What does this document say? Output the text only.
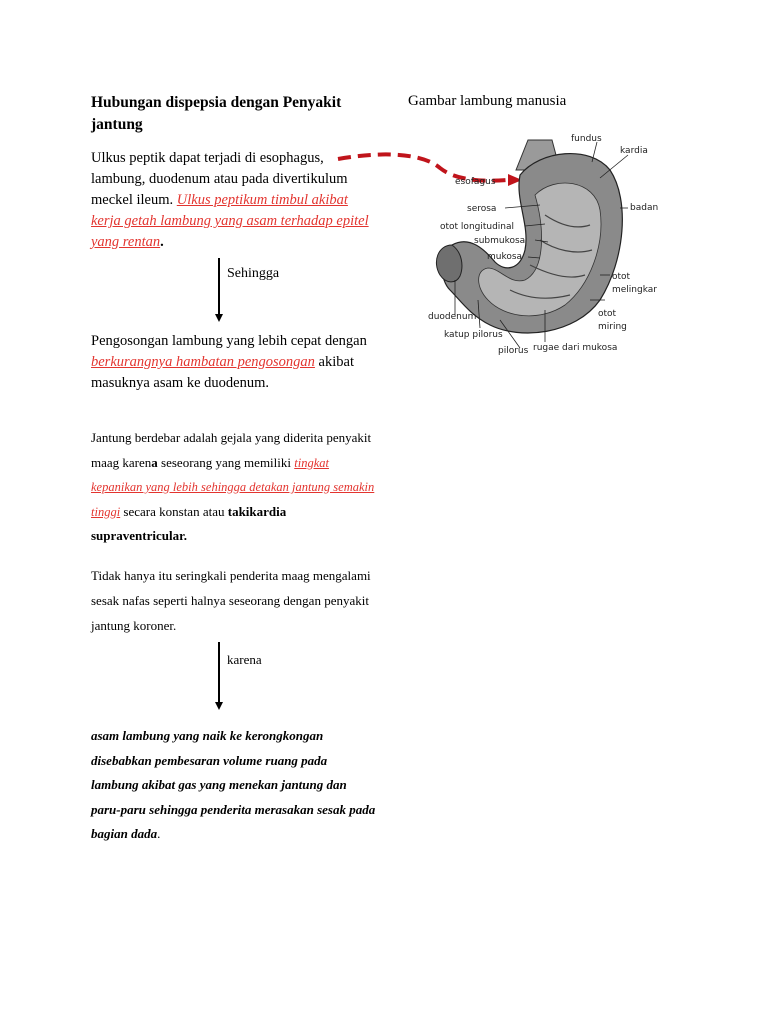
Hubungan dispepsia dengan Penyakit jantung
Ulkus peptik dapat terjadi di esophagus, lambung, duodenum atau pada divertikulum meckel ileum. Ulkus peptikum timbul akibat kerja getah lambung yang asam terhadap epitel yang rentan.
Sehingga
Pengosongan lambung yang lebih cepat dengan berkurangnya hambatan pengosongan akibat masuknya asam ke duodenum.
Jantung berdebar adalah gejala yang diderita penyakit maag karena seseorang yang memiliki tingkat kepanikan yang lebih sehingga detakan jantung semakin tinggi secara konstan atau takikardia supraventricular.
Tidak hanya itu seringkali penderita maag mengalami sesak nafas seperti halnya seseorang dengan penyakit jantung koroner.
karena
asam lambung yang naik ke kerongkongan disebabkan pembesaran volume ruang pada lambung akibat gas yang menekan jantung dan paru-paru sehingga penderita merasakan sesak pada bagian dada.
Gambar lambung manusia
fundus
kardia
esofagus
badan
serosa
otot longitudinal
submukosa
mukosa
otot
melingkar
otot
miring
duodenum
katup pilorus
pilorus rugae dari mukosa
